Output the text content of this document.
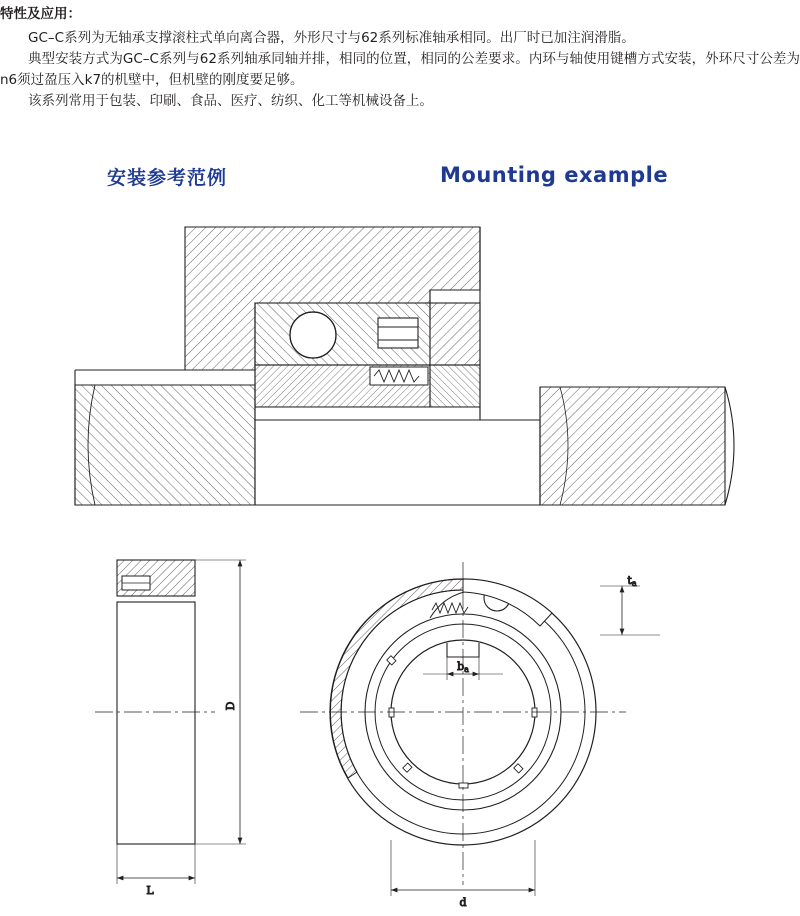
特性及应用：
GC–C系列为无轴承支撑滚柱式单向离合器，外形尺寸与62系列标准轴承相同。出厂时已加注润滑脂。
典型安装方式为GC–C系列与62系列轴承同轴并排，相同的位置，相同的公差要求。内环与轴使用键槽方式安装，外环尺寸公差为n6须过盈压入k7的机壁中，但机壁的刚度要足够。
该系列常用于包装、印刷、食品、医疗、纺织、化工等机械设备上。
安装参考范例	Mounting example
D
L
ba
ta
d
